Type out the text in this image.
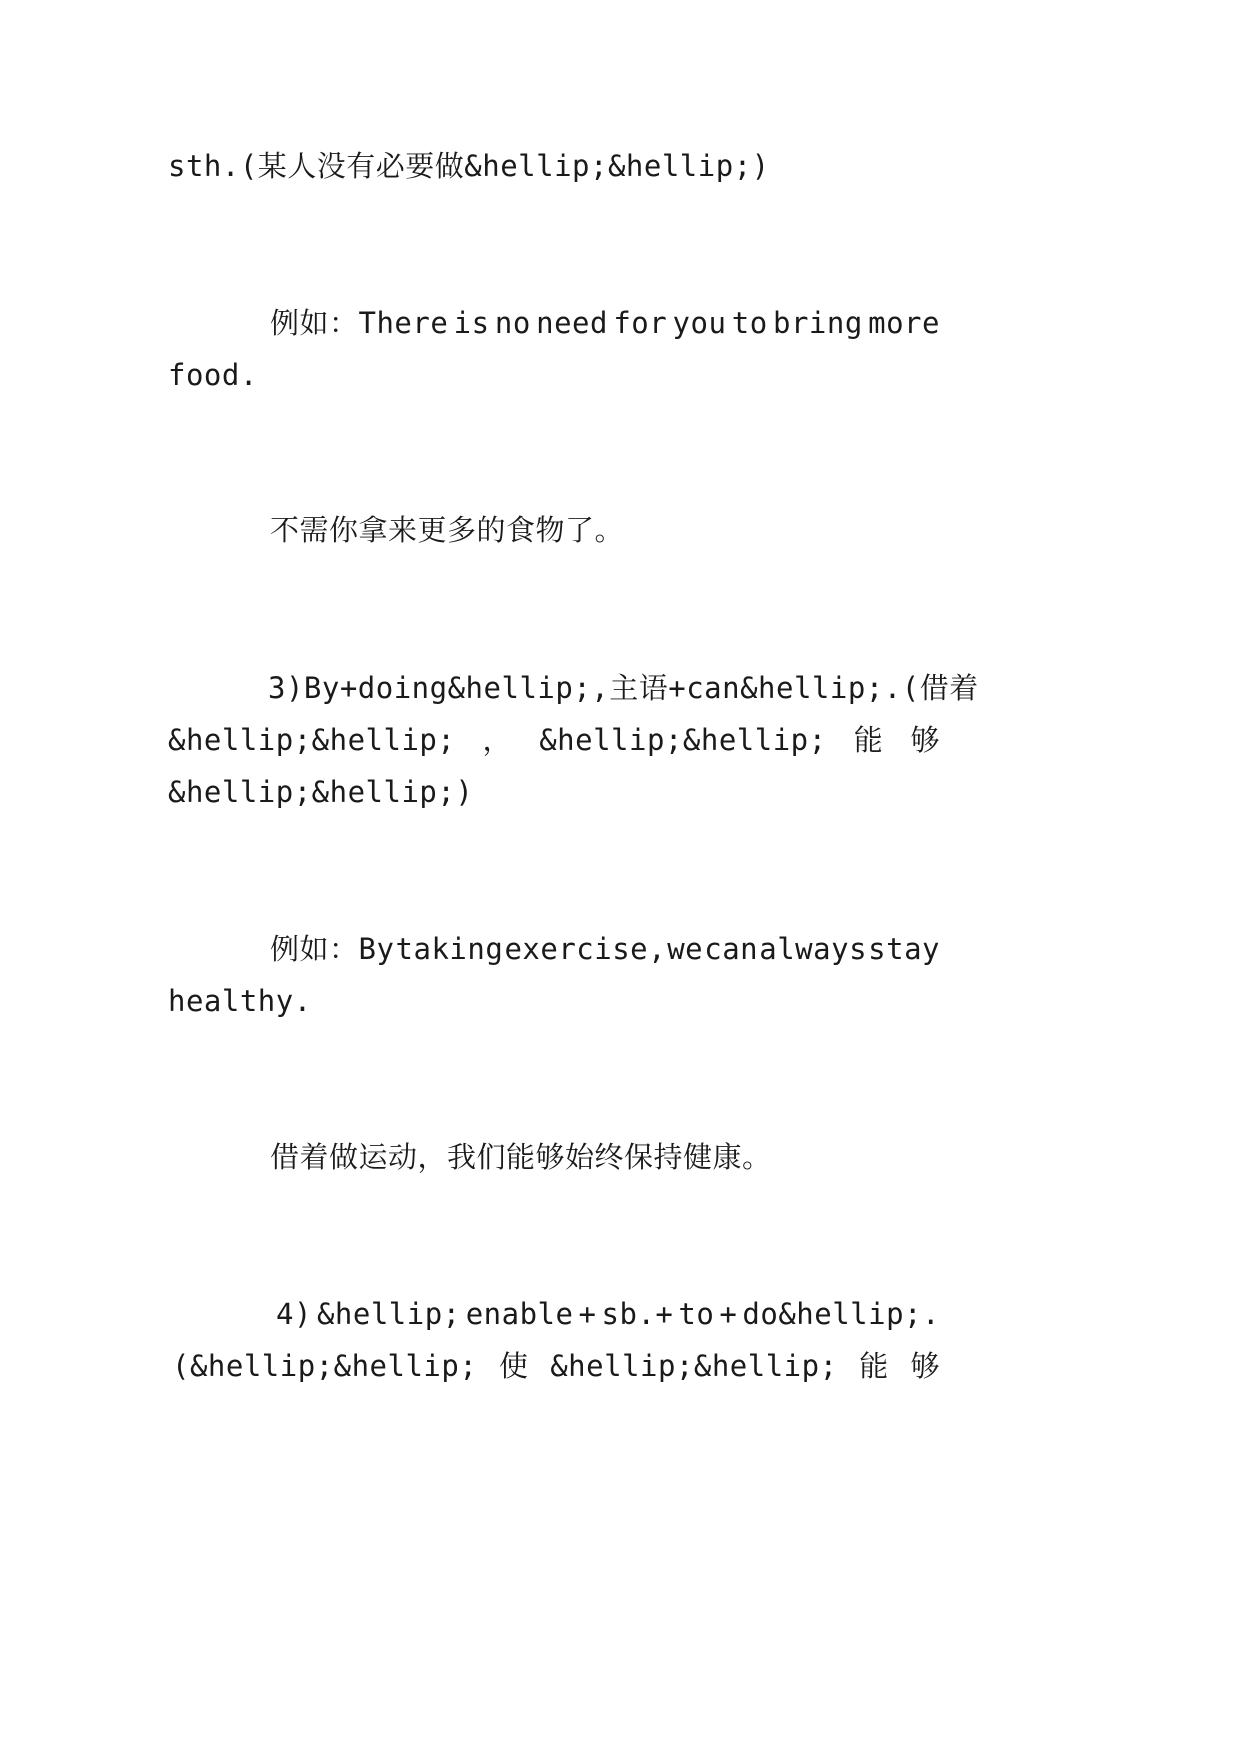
sth.(某人没有必要做&hellip;&hellip;)
例如：There is no need for you to bring more
food.
不需你拿来更多的食物了。
3)By +doing&hellip;, 主语+can &hellip;. (借着
&hellip;&hellip; ， &hellip;&hellip; 能 够
&hellip;&hellip;)
例如：By taking exercise, we can always stay
healthy.
借着做运动，我们能够始终保持健康。
4) &hellip; enable + sb.+ to + do&hellip;.
(&hellip;&hellip; 使 &hellip;&hellip; 能 够
